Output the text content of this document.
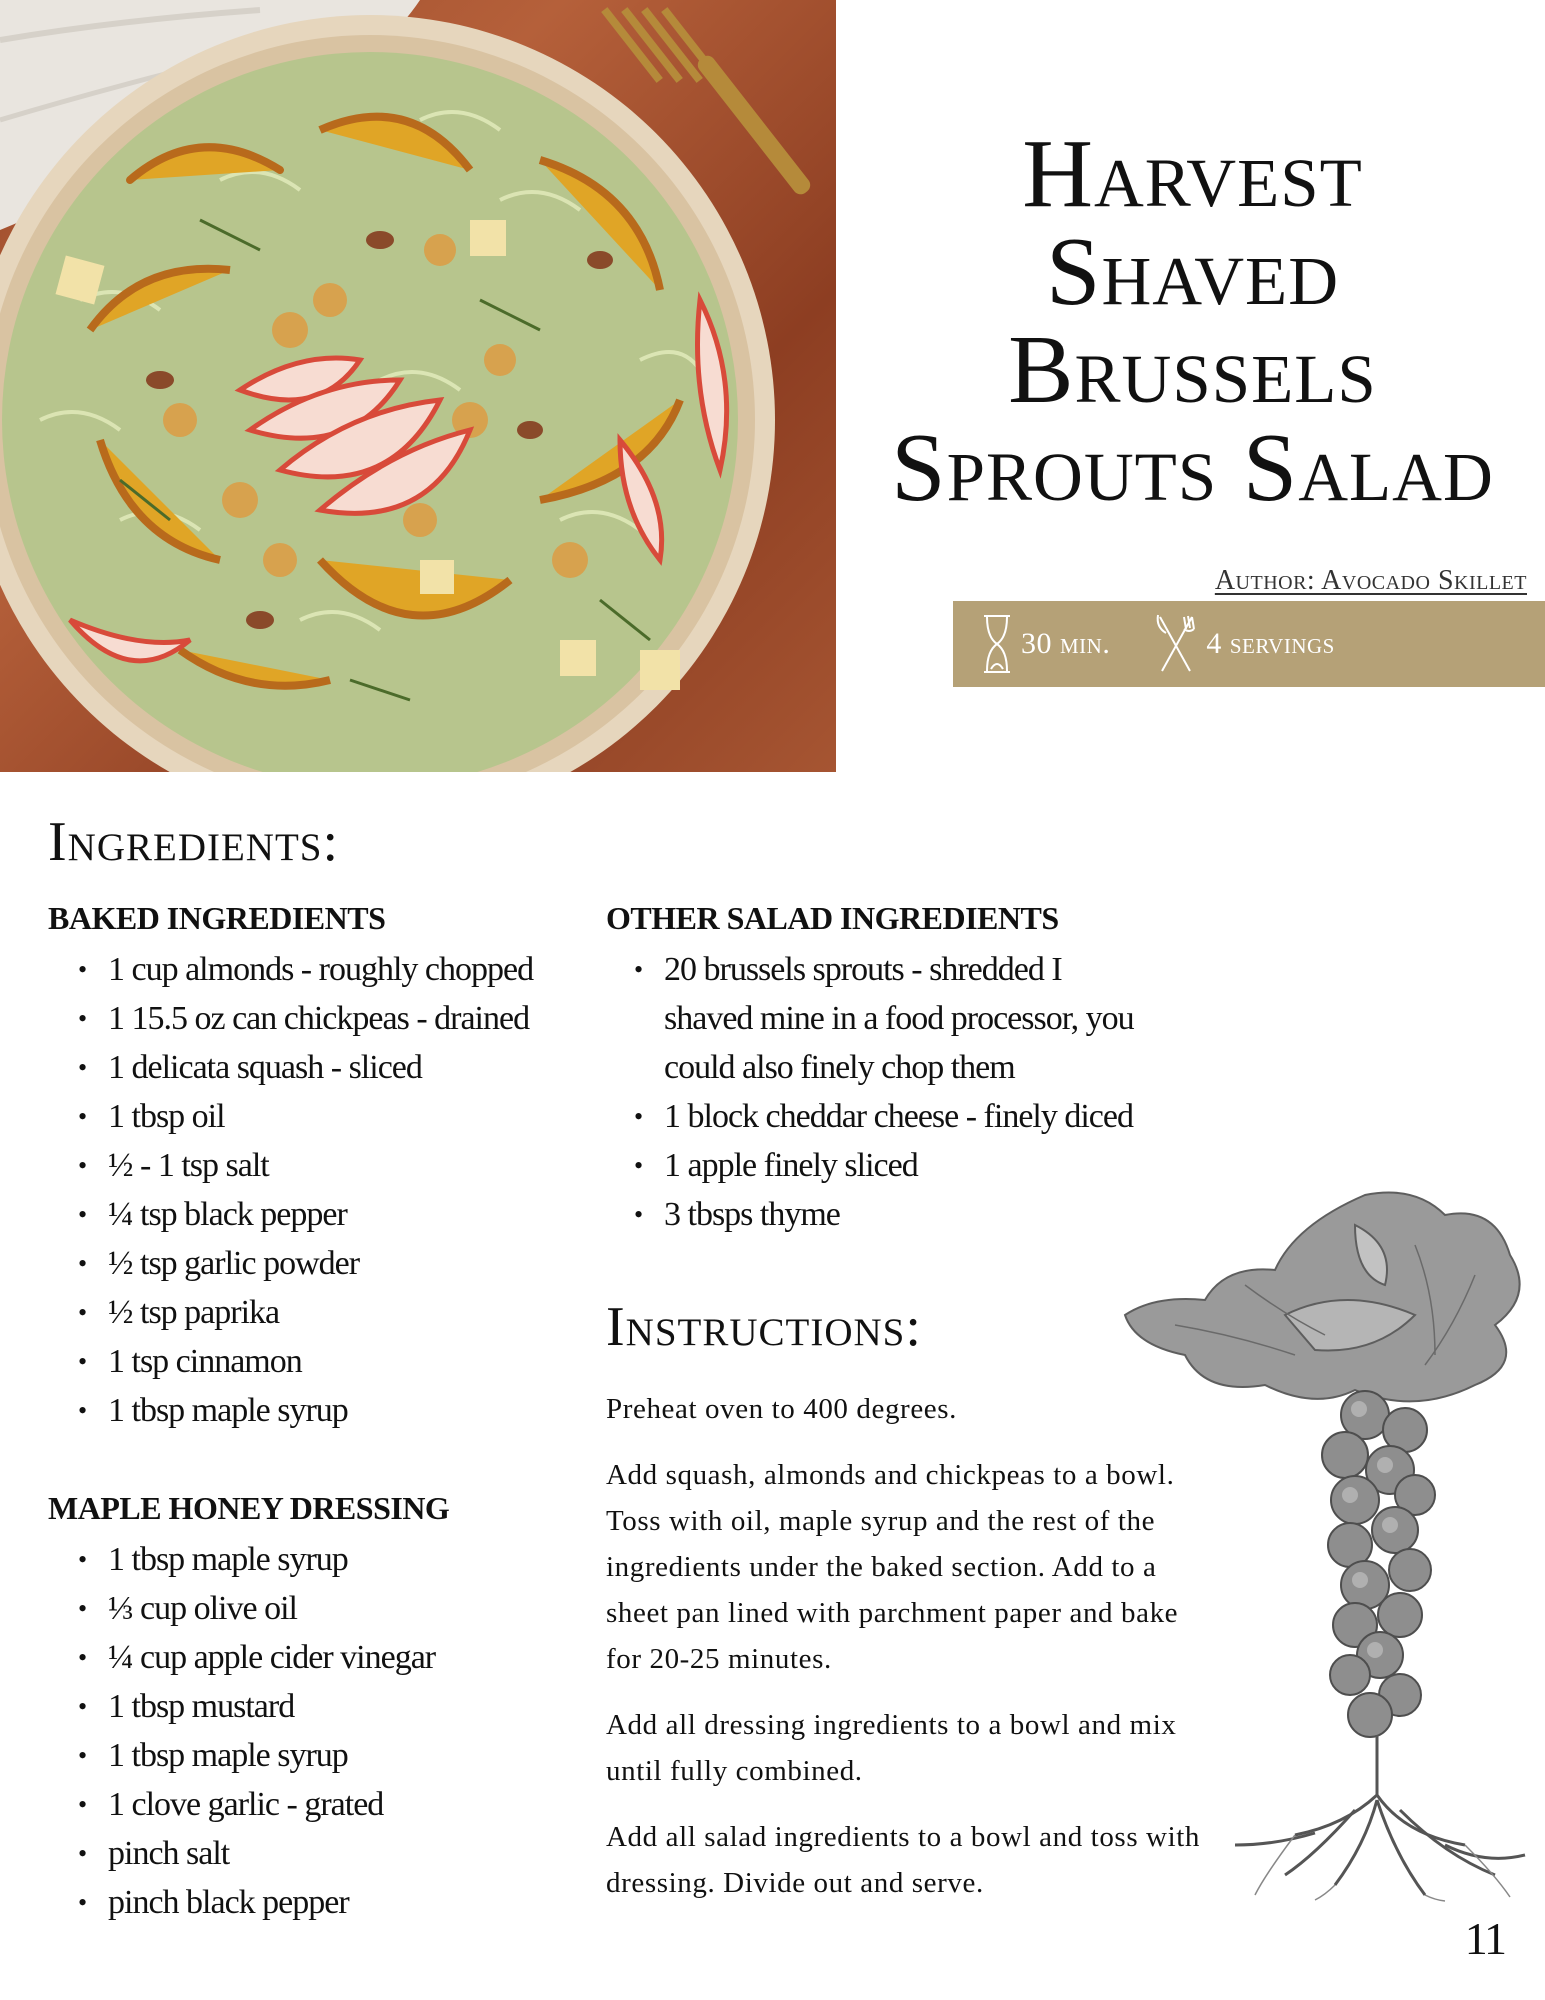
Harvest
Shaved
Brussels
Sprouts Salad
Author: Avocado Skillet
30 min.	4 servings
Ingredients:
BAKED INGREDIENTS
• 1 cup almonds - roughly chopped
• 1 15.5 oz can chickpeas - drained
• 1 delicata squash - sliced
• 1 tbsp oil
• ½ - 1 tsp salt
• ¼ tsp black pepper
• ½ tsp garlic powder
• ½ tsp paprika
• 1 tsp cinnamon
• 1 tbsp maple syrup
MAPLE HONEY DRESSING
• 1 tbsp maple syrup
• ⅓ cup olive oil
• ¼ cup apple cider vinegar
• 1 tbsp mustard
• 1 tbsp maple syrup
• 1 clove garlic - grated
• pinch salt
• pinch black pepper
OTHER SALAD INGREDIENTS
• 20 brussels sprouts - shredded I shaved mine in a food processor, you could also finely chop them
• 1 block cheddar cheese - finely diced
• 1 apple finely sliced
• 3 tbsps thyme
Instructions:

Preheat oven to 400 degrees.

Add squash, almonds and chickpeas to a bowl. Toss with oil, maple syrup and the rest of the ingredients under the baked section. Add to a sheet pan lined with parchment paper and bake for 20-25 minutes.

Add all dressing ingredients to a bowl and mix until fully combined.

Add all salad ingredients to a bowl and toss with dressing. Divide out and serve.

11
